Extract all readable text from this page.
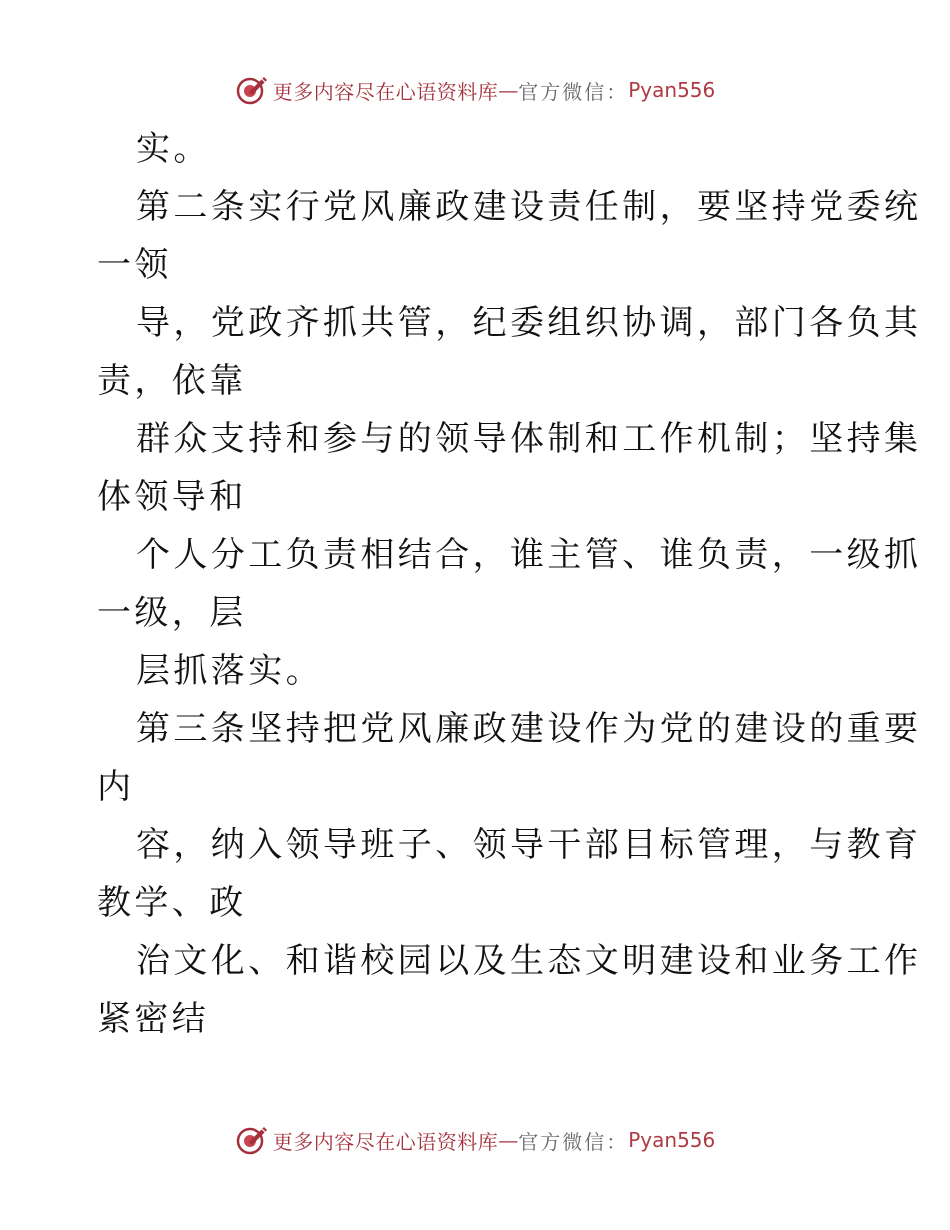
更多内容尽在心语资料库 — 官方微信： Pyan556
实。
第二条实行党风廉政建设责任制，要坚持党委统
一领
导，党政齐抓共管，纪委组织协调，部门各负其
责，依靠
群众支持和参与的领导体制和工作机制；坚持集
体领导和
个人分工负责相结合，谁主管、谁负责，一级抓
一级，层
层抓落实。
第三条坚持把党风廉政建设作为党的建设的重要
内
容，纳入领导班子、领导干部目标管理，与教育
教学、政
治文化、和谐校园以及生态文明建设和业务工作
紧密结
更多内容尽在心语资料库 — 官方微信： Pyan556
